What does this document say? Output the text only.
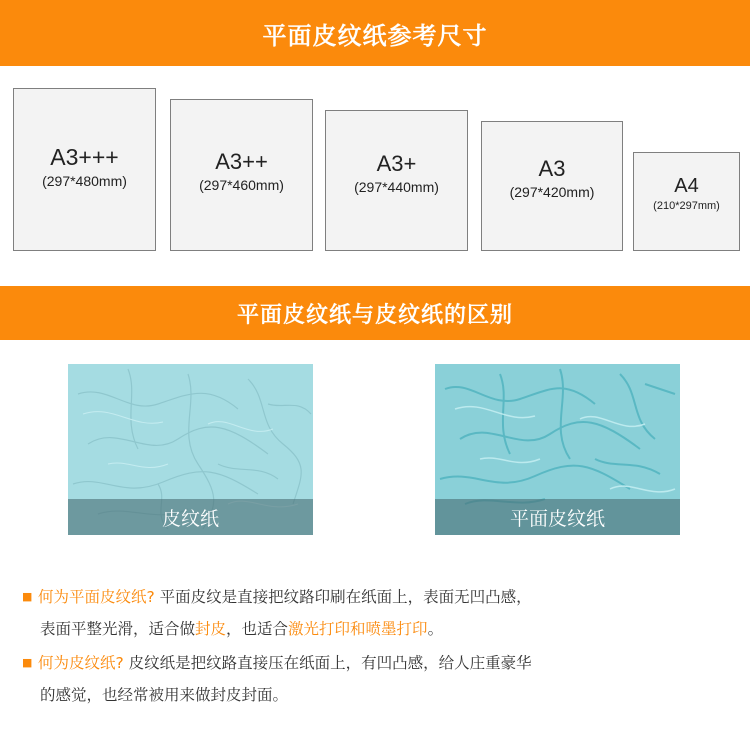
平面皮纹纸参考尺寸
A3+++
(297*480mm)
A3++
(297*460mm)
A3+
(297*440mm)
A3
(297*420mm)	A4
(210*297mm)
平面皮纹纸与皮纹纸的区别
皮纹纸	平面皮纹纸
■ 何为平面皮纹纸? 平面皮纹是直接把纹路印刷在纸面上，表面无凹凸感，
表面平整光滑，适合做封皮，也适合激光打印和喷墨打印。
■ 何为皮纹纸? 皮纹纸是把纹路直接压在纸面上，有凹凸感，给人庄重豪华
的感觉，也经常被用来做封皮封面。
